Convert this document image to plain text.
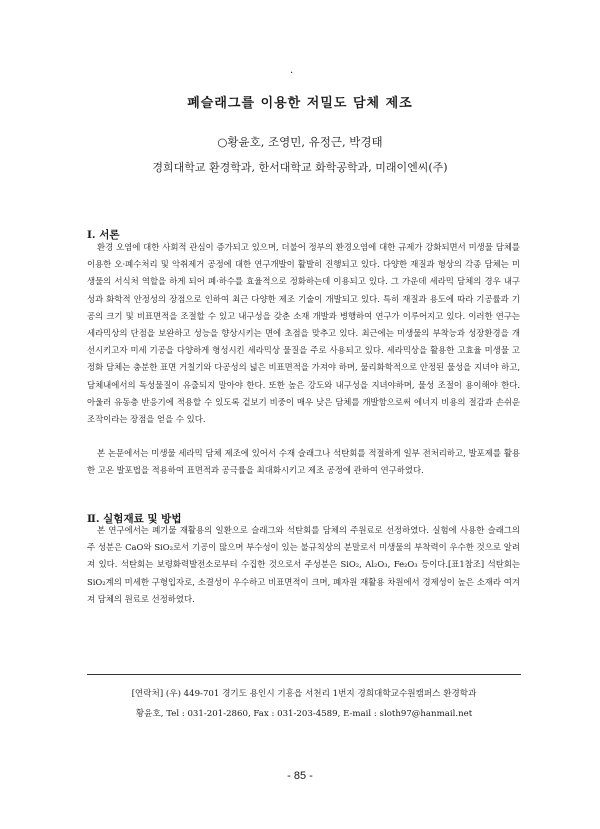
·
폐슬래그를 이용한 저밀도 담체 제조
○황윤호, 조영민, 유정근, 박경태
경희대학교 환경학과, 한서대학교 화학공학과, 미래이엔씨(주)
Ⅰ. 서론
환경 오염에 대한 사회적 관심이 증가되고 있으며, 더불어 정부의 환경오염에 대한 규제가 강화되면서 미생물 담체를 이용한 오·폐수처리 및 악취제거 공정에 대한 연구개발이 활발히 진행되고 있다. 다양한 재질과 형상의 각종 담체는 미생물의 서식처 역할을 하게 되어 폐·하수를 효율적으로 정화하는데 이용되고 있다. 그 가운데 세라믹 담체의 경우 내구성과 화학적 안정성의 장점으로 인하여 최근 다양한 제조 기술이 개발되고 있다. 특히 재질과 용도에 따라 기공률과 기공의 크기 및 비표면적을 조절할 수 있고 내구성을 갖춘 소재 개발과 병행하여 연구가 이루어지고 있다. 이러한 연구는 세라믹상의 단점을 보완하고 성능을 향상시키는 면에 초점을 맞추고 있다. 최근에는 미생물의 부착능과 성장환경을 개선시키고자 미세 기공을 다양하게 형성시킨 세라믹상 물질을 주로 사용되고 있다. 세라믹상을 활용한 고효율 미생물 고정화 담체는 충분한 표면 거칠기와 다공성의 넓은 비표면적을 가져야 하며, 물리화학적으로 안정된 물성을 지녀야 하고, 담체내에서의 독성물질이 유출되지 말아야 한다. 또한 높은 강도와 내구성을 지녀야하며, 물성 조절이 용이해야 한다. 아울러 유동층 반응기에 적용할 수 있도록 겉보기 비중이 매우 낮은 담체를 개발함으로써 에너지 비용의 절감과 손쉬운 조작이라는 장점을 얻을 수 있다.
본 논문에서는 미생물 세라믹 담체 제조에 있어서 수재 슬래그나 석탄회를 적절하게 일부 전처리하고, 발포제를 활용한 고온 발포법을 적용하여 표면적과 공극률을 최대화시키고 제조 공정에 관하여 연구하였다.
Ⅱ. 실험재료 및 방법
본 연구에서는 폐기물 재활용의 일환으로 슬래그와 석탄회를 담체의 주원료로 선정하였다. 실험에 사용한 슬래그의 주 성분은 CaO와 SiO₂로서 기공이 많으며 부수성이 있는 불규칙상의 분말로서 미생물의 부착력이 우수한 것으로 알려져 있다. 석탄회는 보령화력발전소로부터 수집한 것으로서 주성분은 SiO₂, Al₂O₃, Fe₂O₃ 등이다.[표1참조] 석탄회는 SiO₂계의 미세한 구형입자로, 소결성이 우수하고 비표면적이 크며, 폐자원 재활용 차원에서 경제성이 높은 소재라 여겨져 담체의 원료로 선정하였다.
[연락처] (우) 449-701 경기도 용인시 기흥읍 서천리 1번지 경희대학교수원캠퍼스 환경학과
황윤호, Tel : 031-201-2860, Fax : 031-203-4589, E-mail : sloth97@hanmail.net
- 85 -
